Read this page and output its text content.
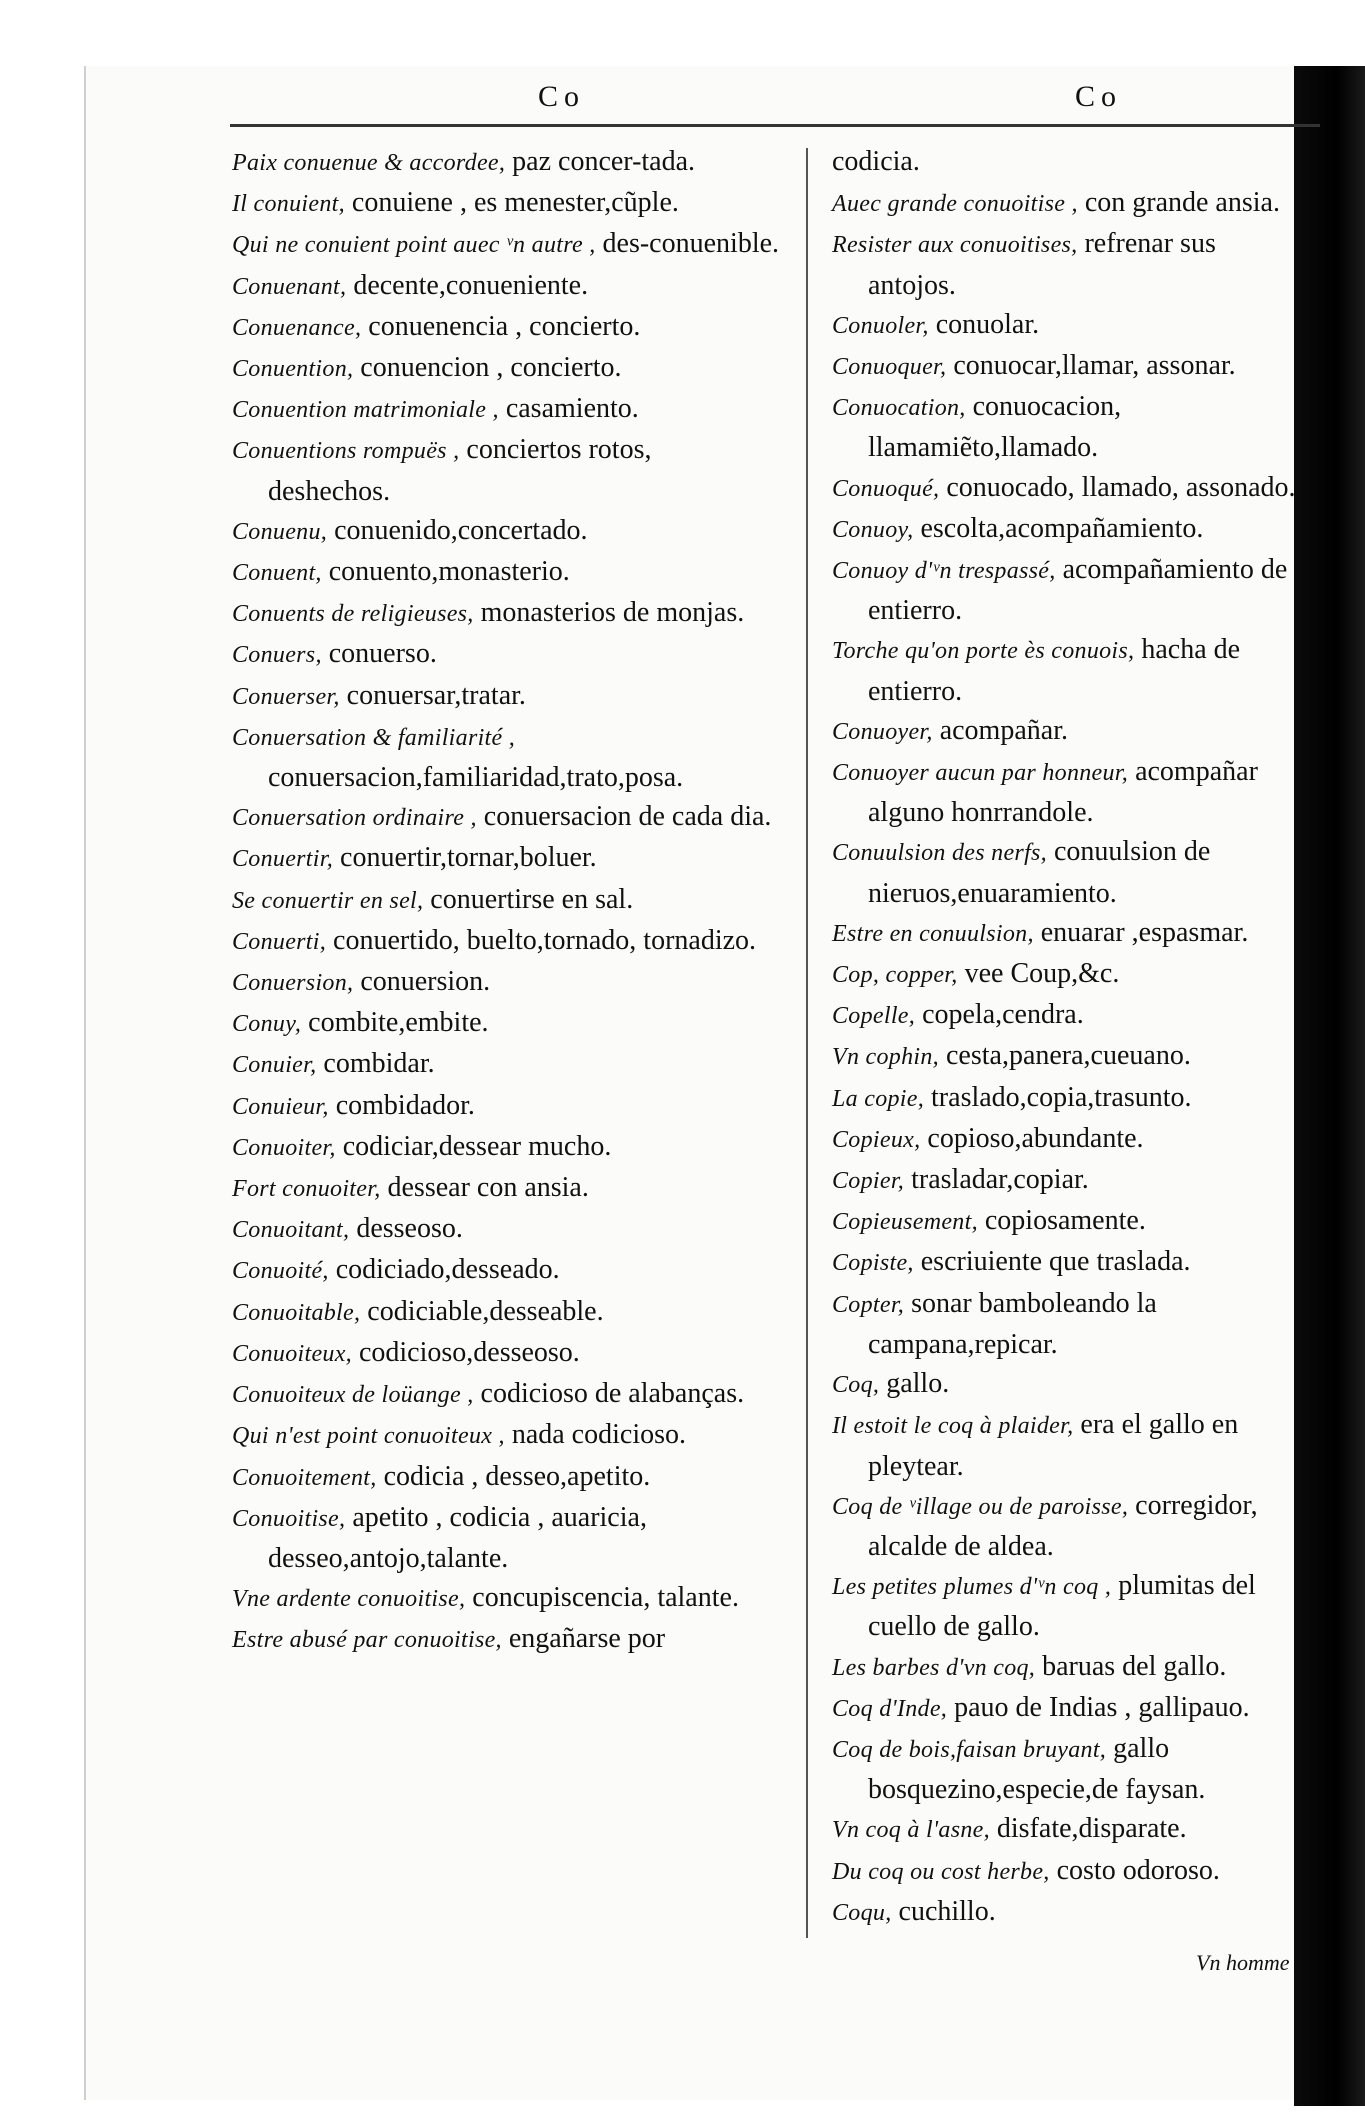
Co	Co

Paix conuenue & accordee, paz concer-tada.

Il conuient, conuiene , es menester,cũple.

Qui ne conuient point auec ᵛn autre , des-conuenible.

Conuenant, decente,conueniente.

Conuenance, conuenencia , concierto.

Conuention, conuencion , concierto.

Conuention matrimoniale , casamiento.

Conuentions rompuës , conciertos rotos, deshechos.

Conuenu, conuenido,concertado.

Conuent, conuento,monasterio.

Conuents de religieuses, monasterios de monjas.

Conuers, conuerso.

Conuerser, conuersar,tratar.

Conuersation & familiarité , conuersacion,familiaridad,trato,posa.

Conuersation ordinaire , conuersacion de cada dia.

Conuertir, conuertir,tornar,boluer.

Se conuertir en sel, conuertirse en sal.

Conuerti, conuertido, buelto,tornado, tornadizo.

Conuersion, conuersion.

Conuy, combite,embite.

Conuier, combidar.

Conuieur, combidador.

Conuoiter, codiciar,dessear mucho.

Fort conuoiter, dessear con ansia.

Conuoitant, desseoso.

Conuoité, codiciado,desseado.

Conuoitable, codiciable,desseable.

Conuoiteux, codicioso,desseoso.

Conuoiteux de loüange , codicioso de alabanças.

Qui n'est point conuoiteux , nada codicioso.

Conuoitement, codicia , desseo,apetito.

Conuoitise, apetito , codicia , auaricia, desseo,antojo,talante.

Vne ardente conuoitise, concupiscencia, talante.

Estre abusé par conuoitise, engañarse por

codicia.

Auec grande conuoitise , con grande ansia.

Resister aux conuoitises, refrenar sus antojos.

Conuoler, conuolar.

Conuoquer, conuocar,llamar, assonar.

Conuocation, conuocacion, llamamiẽto,llamado.

Conuoqué, conuocado, llamado, assonado.

Conuoy, escolta,acompañamiento.

Conuoy d'ᵛn trespassé, acompañamiento de entierro.

Torche qu'on porte ès conuois, hacha de entierro.

Conuoyer, acompañar.

Conuoyer aucun par honneur, acompañar alguno honrrandole.

Conuulsion des nerfs, conuulsion de nieruos,enuaramiento.

Estre en conuulsion, enuarar ,espasmar.

Cop, copper, vee Coup,&c.

Copelle, copela,cendra.

Vn cophin, cesta,panera,cueuano.

La copie, traslado,copia,trasunto.

Copieux, copioso,abundante.

Copier, trasladar,copiar.

Copieusement, copiosamente.

Copiste, escriuiente que traslada.

Copter, sonar bamboleando la campana,repicar.

Coq, gallo.

Il estoit le coq à plaider, era el gallo en pleytear.

Coq de ᵛillage ou de paroisse, corregidor, alcalde de aldea.

Les petites plumes d'ᵛn coq , plumitas del cuello de gallo.

Les barbes d'vn coq, baruas del gallo.

Coq d'Inde, pauo de Indias , gallipauo.

Coq de bois,faisan bruyant, gallo bosquezino,especie,de faysan.

Vn coq à l'asne, disfate,disparate.

Du coq ou cost herbe, costo odoroso.

Coqu, cuchillo.

Vn homme
